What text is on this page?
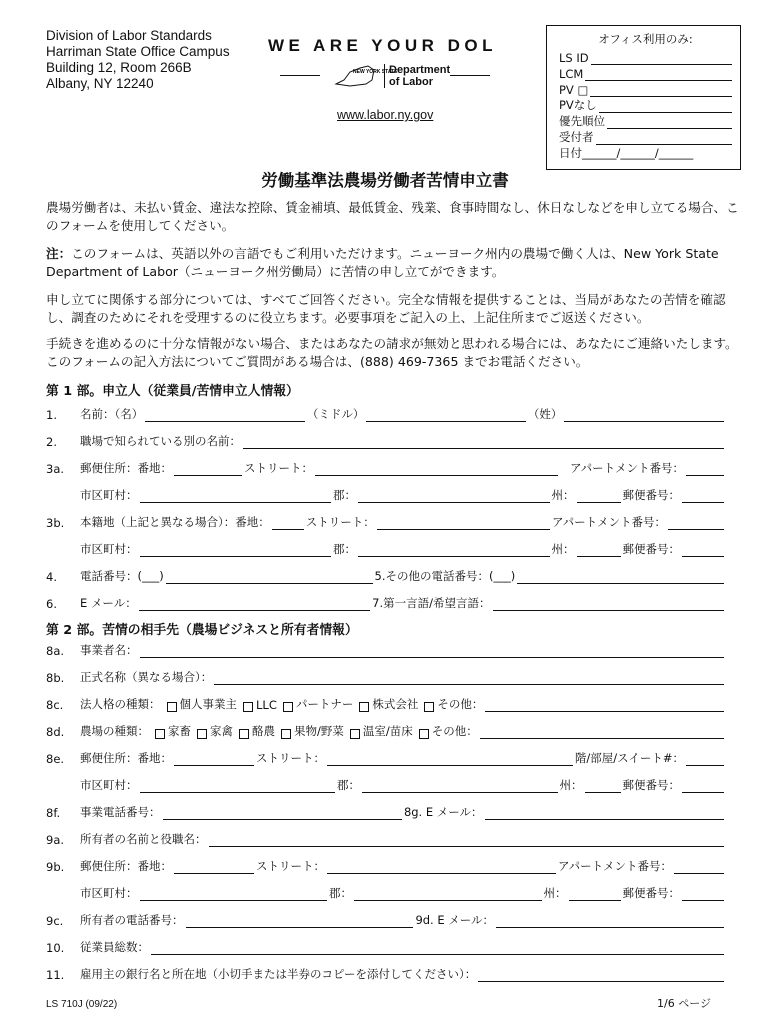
Division of Labor Standards
Harriman State Office Campus
Building 12, Room 266B
Albany, NY 12240
WE ARE YOUR DOL
NEW YORK STATE
Department
of Labor
www.labor.ny.gov
オフィス利用のみ:
LS ID
LCM
PV □
PVなし
優先順位
受付者
日付______/______/______
労働基準法農場労働者苦情申立書
農場労働者は、未払い賃金、違法な控除、賃金補填、最低賃金、残業、食事時間なし、休日なしなどを申し立てる場合、このフォームを使用してください。
注：このフォームは、英語以外の言語でもご利用いただけます。ニューヨーク州内の農場で働く人は、New York State Department of Labor（ニューヨーク州労働局）に苦情の申し立てができます。
申し立てに関係する部分については、すべてご回答ください。完全な情報を提供することは、当局があなたの苦情を確認し、調査のためにそれを受理するのに役立ちます。必要事項をご記入の上、上記住所までご返送ください。
手続きを進めるのに十分な情報がない場合、またはあなたの請求が無効と思われる場合には、あなたにご連絡いたします。このフォームの記入方法についてご質問がある場合は、(888) 469-7365 までお電話ください。
第 1 部。申立人（従業員/苦情申立人情報）
1.	名前：（名）	（ミドル）	（姓）
2.	職場で知られている別の名前：
3a.	郵便住所：番地：	ストリート：	アパートメント番号：
市区町村：	郡：	州：	郵便番号：
3b.	本籍地（上記と異なる場合）：番地：	ストリート：	アパートメント番号：
市区町村：	郡：	州：	郵便番号：
4.	電話番号：(___)	5.その他の電話番号：(___)
6.	E メール：	7.第一言語/希望言語：
第 2 部。苦情の相手先（農場ビジネスと所有者情報）
8a.	事業者名：
8b.	正式名称（異なる場合）：
8c.	法人格の種類： 個人事業主 LLC パートナー 株式会社 その他：
8d.	農場の種類： 家畜 家禽 酪農 果物/野菜 温室/苗床 その他：
8e.	郵便住所：番地：	ストリート：	階/部屋/スイート#：
市区町村：	郡：	州：	郵便番号：
8f.	事業電話番号：	8g. E メール：
9a.	所有者の名前と役職名：
9b.	郵便住所：番地：	ストリート：	アパートメント番号：
市区町村：	郡：	州：	郵便番号：
9c.	所有者の電話番号：	9d. E メール：
10.	従業員総数：
11.	雇用主の銀行名と所在地（小切手または半券のコピーを添付してください）：
LS 710J (09/22)	1/6 ページ
